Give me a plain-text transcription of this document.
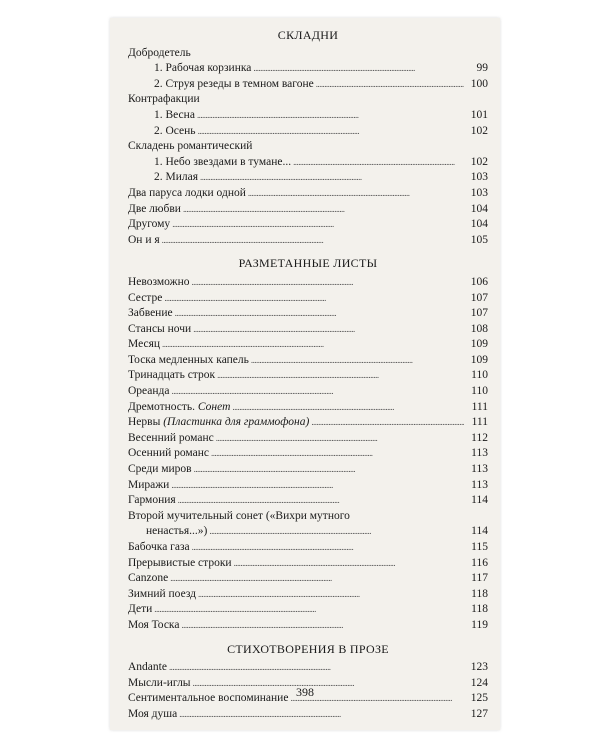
СКЛАДНИ
Добродетель
1. Рабочая корзинка . . .	99
2. Струя резеды в темном вагоне . . .	100
Контрафакции
1. Весна . . .	101
2. Осень . . .	102
Складень романтический
1. Небо звездами в тумане... . . .	102
2. Милая . . .	103
Два паруса лодки одной . . .	103
Две любви . . .	104
Другому . . .	104
Он и я . . .	105
РАЗМЕТАННЫЕ ЛИСТЫ
Невозможно . . .	106
Сестре . . .	107
Забвение . . .	107
Стансы ночи . . .	108
Месяц . . .	109
Тоска медленных капель . . .	109
Тринадцать строк . . .	110
Ореанда . . .	110
Дремотность. Сонет . . .	111
Нервы (Пластинка для граммофона) . . .	111
Весенний романс . . .	112
Осенний романс . . .	113
Среди миров . . .	113
Миражи . . .	113
Гармония . . .	114
Второй мучительный сонет («Вихри мутного
ненастья...») . . .	114
Бабочка газа . . .	115
Прерывистые строки . . .	116
Canzone . . .	117
Зимний поезд . . .	118
Дети . . .	118
Моя Тоска . . .	119
СТИХОТВОРЕНИЯ В ПРОЗЕ
Andante . . .	123
Мысли-иглы . . .	124
Сентиментальное воспоминание . . .	125
Моя душа . . .	127
398
